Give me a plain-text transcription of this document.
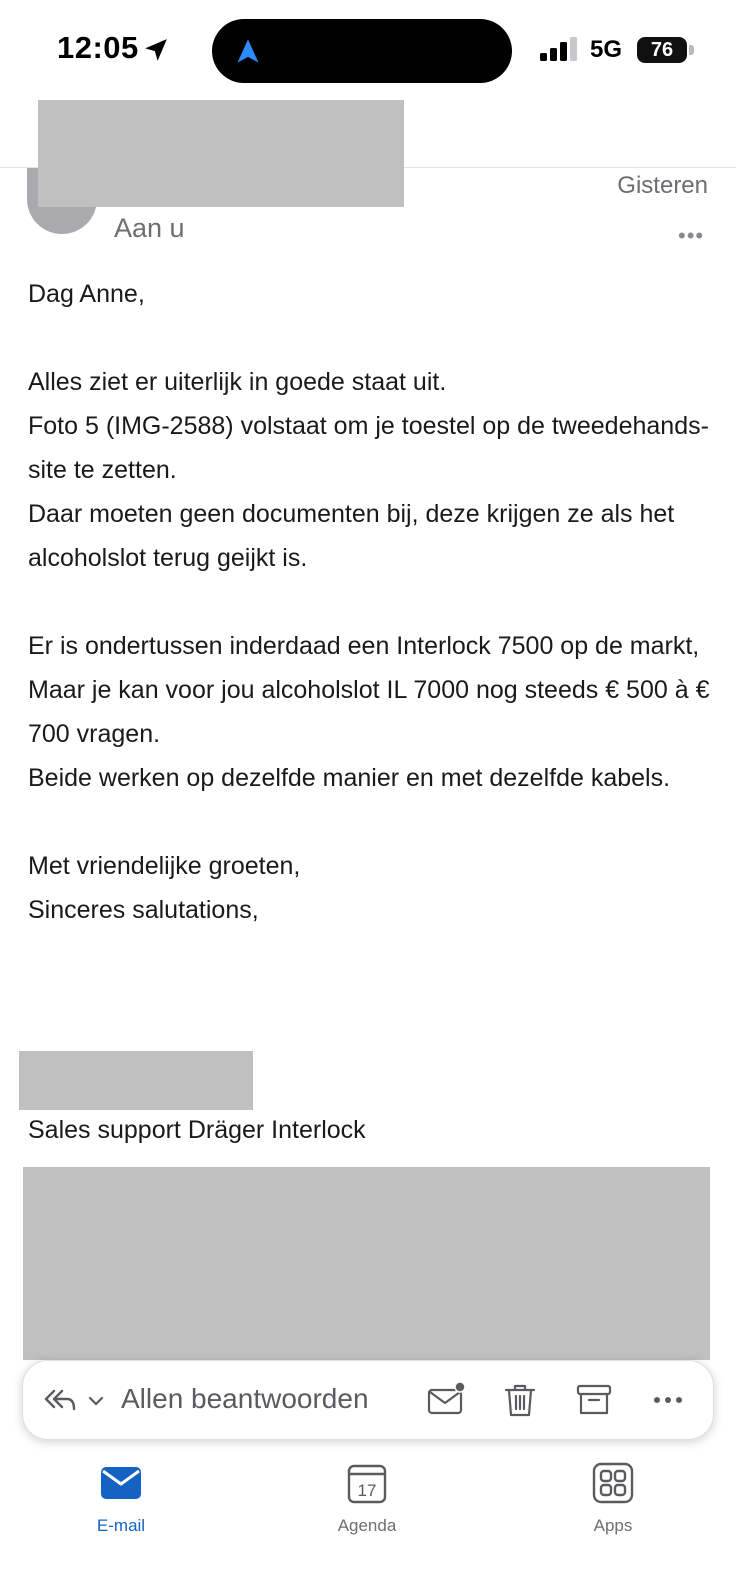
12:05	5G	76
Gisteren
Aan u	•••

Dag Anne,

Alles ziet er uiterlijk in goede staat uit.

Foto 5 (IMG-2588) volstaat om je toestel op de tweedehands-site te zetten.

Daar moeten geen documenten bij, deze krijgen ze als het alcoholslot terug geijkt is.

Er is ondertussen inderdaad een Interlock 7500 op de markt,

Maar je kan voor jou alcoholslot IL 7000 nog steeds € 500 à € 700 vragen.

Beide werken op dezelfde manier en met dezelfde kabels.

Met vriendelijke groeten,

Sinceres salutations,

Sales support Dräger Interlock
Allen beantwoorden
E-mail
17
Agenda	Apps
